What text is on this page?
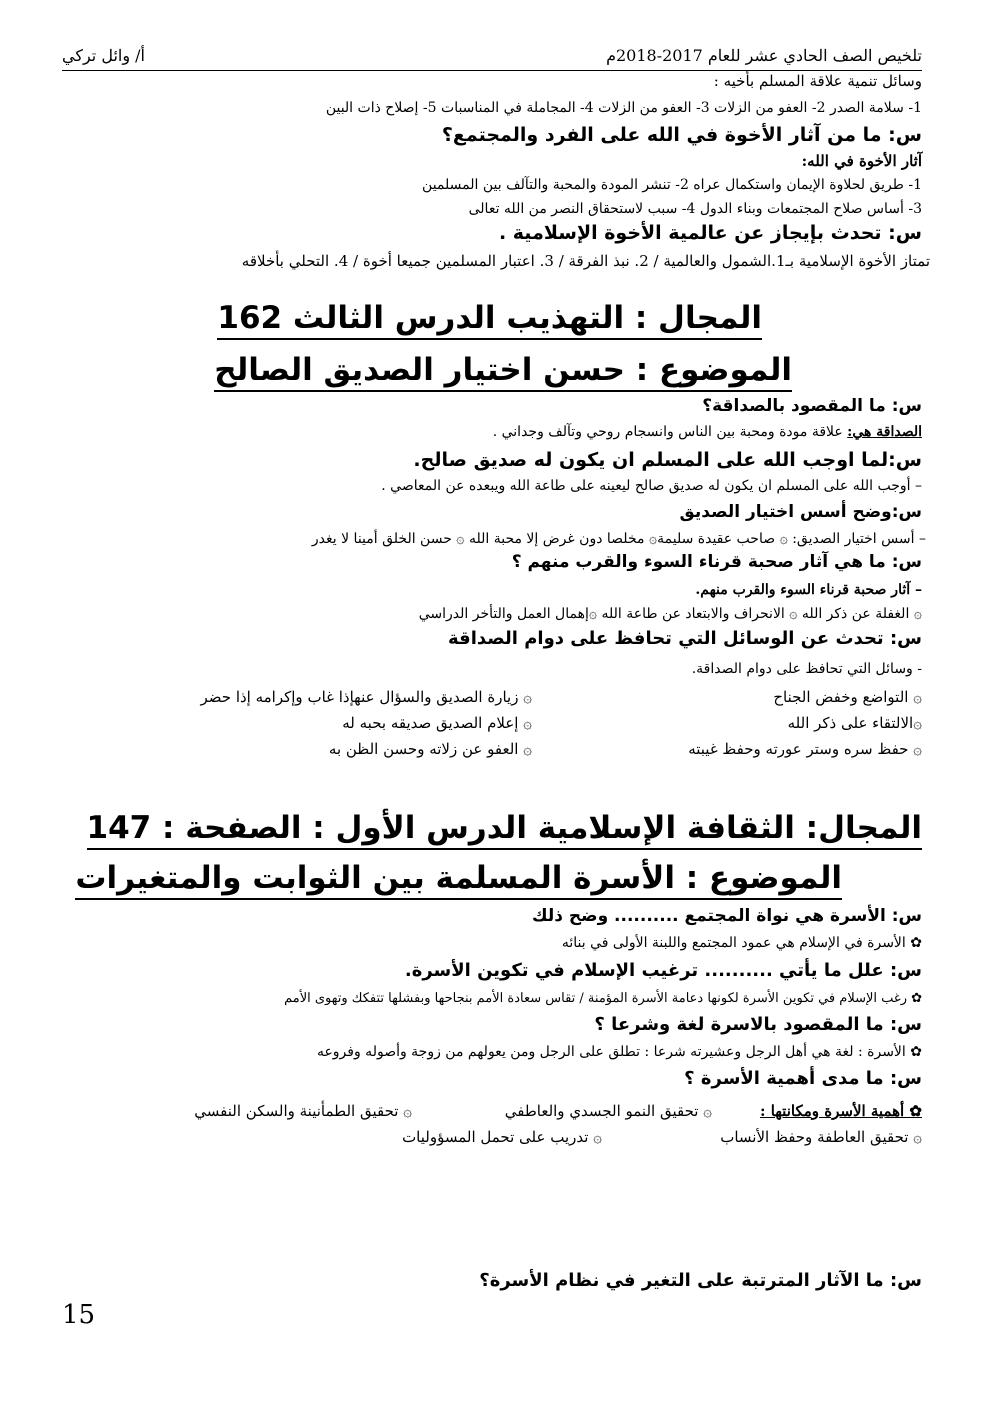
تلخيص الصف الحادي عشر للعام 2017-2018م
أ/ وائل تركي
وسائل تنمية علاقة المسلم بأخيه :
1- سلامة الصدر 2- العفو من الزلات 3- العفو من الزلات 4- المجاملة في المناسبات 5- إصلاح ذات البين
س: ما من آثار الأخوة في الله على الفرد والمجتمع؟
آثار الأخوة في الله:
1- طريق لحلاوة الإيمان واستكمال عراه 2- تنشر المودة والمحبة والتآلف بين المسلمين
3- أساس صلاح المجتمعات وبناء الدول 4- سبب لاستحقاق النصر من الله تعالى
س: تحدث بإيجاز عن عالمية الأخوة الإسلامية .
تمتاز الأخوة الإسلامية بـ1.الشمول والعالمية / 2. نبذ الفرقة / 3. اعتبار المسلمين جميعا أخوة / 4. التحلي بأخلاقه
المجال : التهذيب الدرس الثالث 162
الموضوع : حسن اختيار الصديق الصالح
س: ما المقصود بالصداقة؟
الصداقة هي: علاقة مودة ومحبة بين الناس وانسجام روحي وتآلف وجداني .
س:لما اوجب الله على المسلم ان يكون له صديق صالح.
– أوجب الله على المسلم ان يكون له صديق صالح ليعينه على طاعة الله ويبعده عن المعاصي .
س:وضح أسس اختيار الصديق
– أسس اختيار الصديق: ۞ صاحب عقيدة سليمة۞ مخلصا دون غرض إلا محبة الله ۞ حسن الخلق أمينا لا يغدر
س: ما هي آثار صحبة قرناء السوء والقرب منهم ؟
– آثار صحبة قرناء السوء والقرب منهم.
۞ الغفلة عن ذكر الله ۞ الانحراف والابتعاد عن طاعة الله ۞إهمال العمل والتأخر الدراسي
س: تحدث عن الوسائل التي تحافظ على دوام الصداقة
- وسائل التي تحافظ على دوام الصداقة.
۞ التواضع وخفض الجناح
۞ زيارة الصديق والسؤال عنهإذا غاب وإكرامه إذا حضر
۞الالتقاء على ذكر الله
۞ إعلام الصديق صديقه بحبه له
۞ حفظ سره وستر عورته وحفظ غيبته
۞ العفو عن زلاته وحسن الظن به
المجال: الثقافة الإسلامية الدرس الأول : الصفحة : 147
الموضوع : الأسرة المسلمة بين الثوابت والمتغيرات
س: الأسرة هي نواة المجتمع .......... وضح ذلك
✿ الأسرة في الإسلام هي عمود المجتمع واللبنة الأولى في بنائه
س: علل ما يأتي .......... ترغيب الإسلام في تكوين الأسرة.
✿ رغب الإسلام في تكوين الأسرة لكونها دعامة الأسرة المؤمنة / تقاس سعادة الأمم بنجاحها وبفشلها تتفكك وتهوى الأمم
س: ما المقصود بالاسرة لغة وشرعا ؟
✿ الأسرة : لغة هي أهل الرجل وعشيرته شرعا : تطلق على الرجل ومن يعولهم من زوجة وأصوله وفروعه
س: ما مدى أهمية الأسرة ؟
✿ أهمية الأسرة ومكانتها :
۞ تحقيق النمو الجسدي والعاطفي
۞ تحقيق الطمأنينة والسكن النفسي
۞ تحقيق العاطفة وحفظ الأنساب
۞ تدريب على تحمل المسؤوليات
س: ما الآثار المترتبة على التغير في نظام الأسرة؟
15
